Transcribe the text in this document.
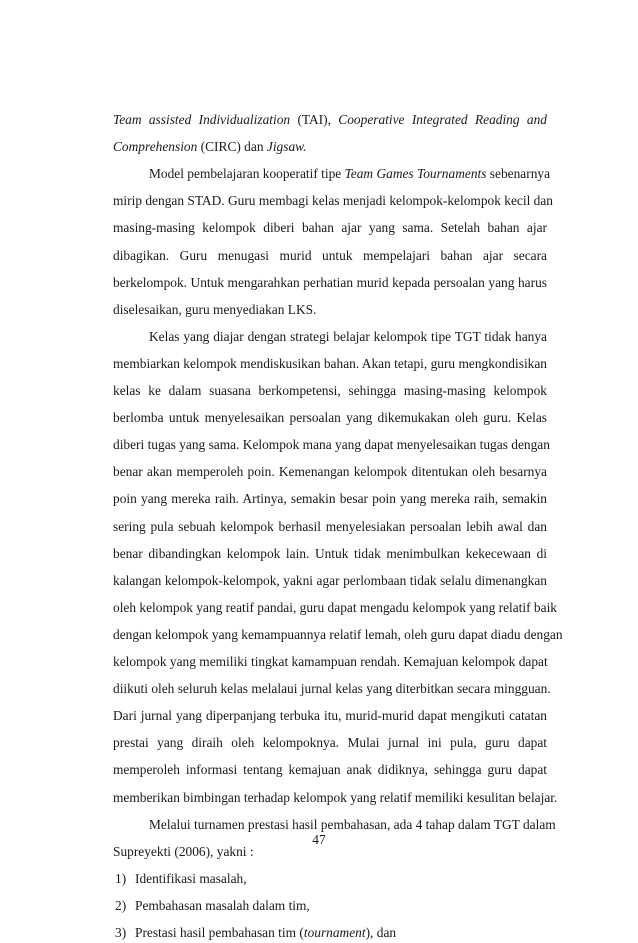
Team assisted Individualization (TAI), Cooperative Integrated Reading and
Comprehension (CIRC) dan Jigsaw.
Model pembelajaran kooperatif tipe Team Games Tournaments sebenarnya
mirip dengan STAD. Guru membagi kelas menjadi kelompok-kelompok kecil dan
masing-masing kelompok diberi bahan ajar yang sama. Setelah bahan ajar
dibagikan. Guru menugasi murid untuk mempelajari bahan ajar secara
berkelompok. Untuk mengarahkan perhatian murid kepada persoalan yang harus
diselesaikan, guru menyediakan LKS.
Kelas yang diajar dengan strategi belajar kelompok tipe TGT tidak hanya
membiarkan kelompok mendiskusikan bahan. Akan tetapi, guru mengkondisikan
kelas ke dalam suasana berkompetensi, sehingga masing-masing kelompok
berlomba untuk menyelesaikan persoalan yang dikemukakan oleh guru. Kelas
diberi tugas yang sama. Kelompok mana yang dapat menyelesaikan tugas dengan
benar akan memperoleh poin. Kemenangan kelompok ditentukan oleh besarnya
poin yang mereka raih. Artinya, semakin besar poin yang mereka raih, semakin
sering pula sebuah kelompok berhasil menyelesiakan persoalan lebih awal dan
benar dibandingkan kelompok lain. Untuk tidak menimbulkan kekecewaan di
kalangan kelompok-kelompok, yakni agar perlombaan tidak selalu dimenangkan
oleh kelompok yang reatif pandai, guru dapat mengadu kelompok yang relatif baik
dengan kelompok yang kemampuannya relatif lemah, oleh guru dapat diadu dengan
kelompok yang memiliki tingkat kamampuan rendah. Kemajuan kelompok dapat
diikuti oleh seluruh kelas melalaui jurnal kelas yang diterbitkan secara mingguan.
Dari jurnal yang diperpanjang terbuka itu, murid-murid dapat mengikuti catatan
prestai yang diraih oleh kelompoknya. Mulai jurnal ini pula, guru dapat
memperoleh informasi tentang kemajuan anak didiknya, sehingga guru dapat
memberikan bimbingan terhadap kelompok yang relatif memiliki kesulitan belajar.
Melalui turnamen prestasi hasil pembahasan, ada 4 tahap dalam TGT dalam
Supreyekti (2006), yakni :
1) Identifikasi masalah,
2) Pembahasan masalah dalam tim,
3) Prestasi hasil pembahasan tim (tournament), dan
47
